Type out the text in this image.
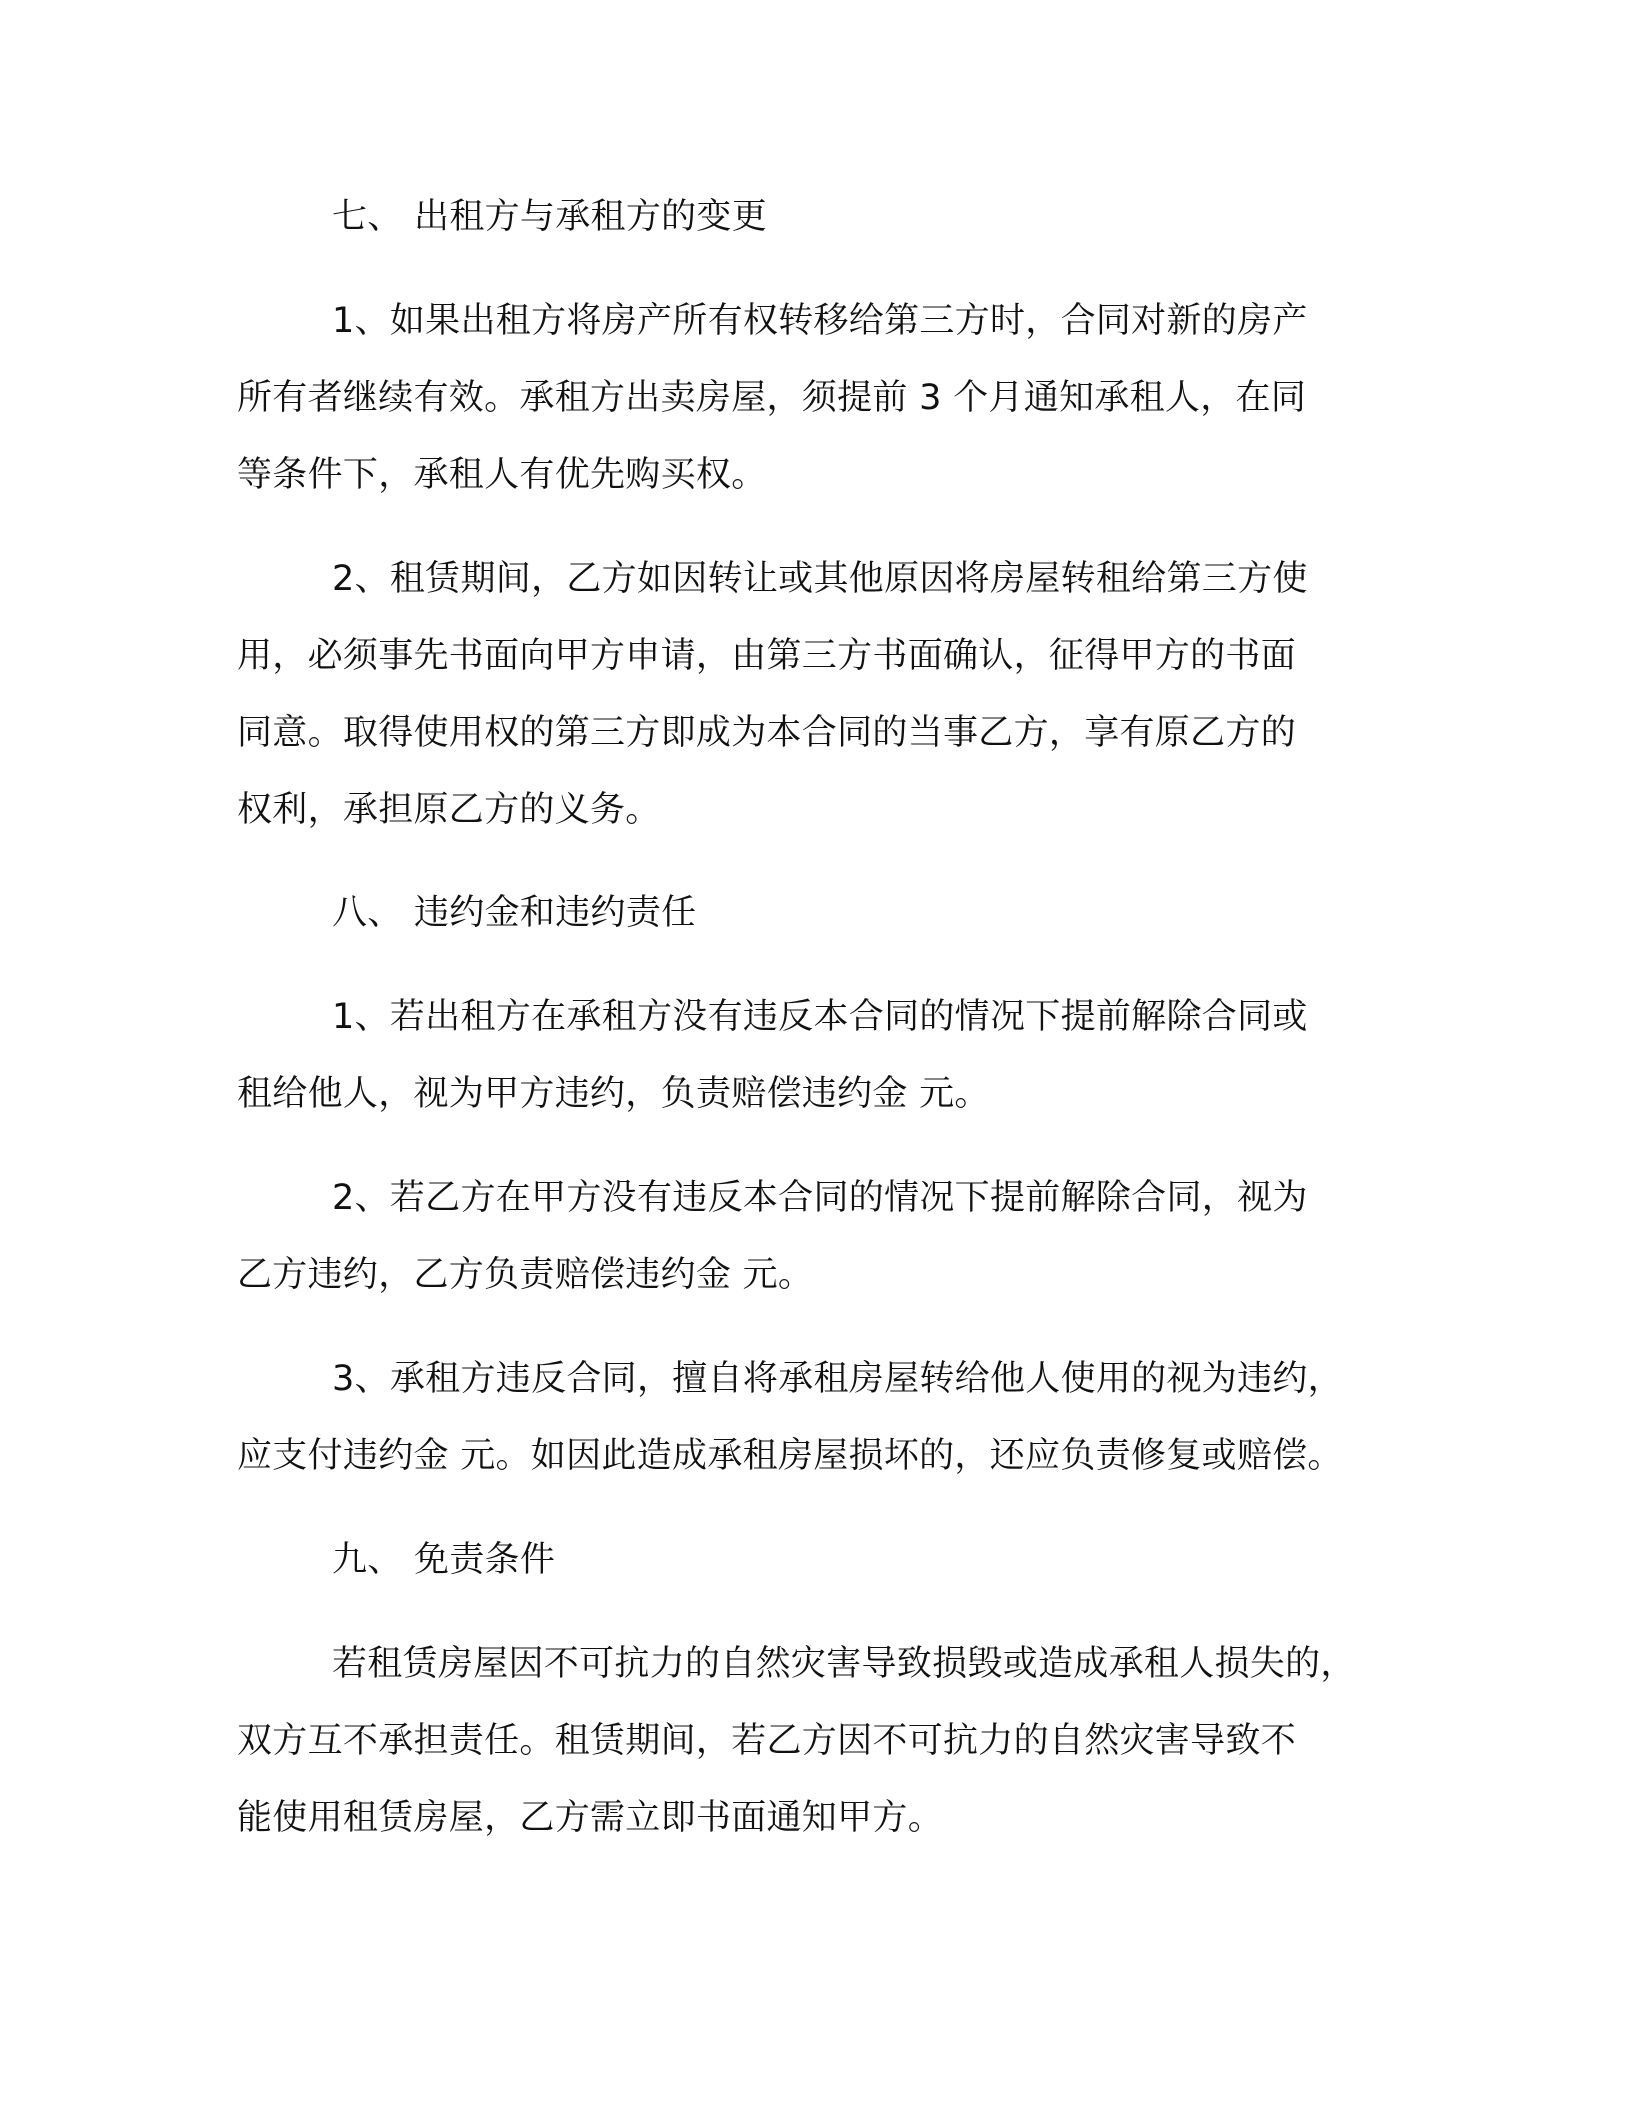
七、 出租方与承租方的变更

1、如果出租方将房产所有权转移给第三方时，合同对新的房产

所有者继续有效。承租方出卖房屋，须提前 3 个月通知承租人，在同

等条件下，承租人有优先购买权。

2、租赁期间，乙方如因转让或其他原因将房屋转租给第三方使

用，必须事先书面向甲方申请，由第三方书面确认，征得甲方的书面

同意。取得使用权的第三方即成为本合同的当事乙方，享有原乙方的

权利，承担原乙方的义务。

八、 违约金和违约责任

1、若出租方在承租方没有违反本合同的情况下提前解除合同或

租给他人，视为甲方违约，负责赔偿违约金 元。

2、若乙方在甲方没有违反本合同的情况下提前解除合同，视为

乙方违约，乙方负责赔偿违约金 元。

3、承租方违反合同，擅自将承租房屋转给他人使用的视为违约，

应支付违约金 元。如因此造成承租房屋损坏的，还应负责修复或赔偿。

九、 免责条件

若租赁房屋因不可抗力的自然灾害导致损毁或造成承租人损失的，

双方互不承担责任。租赁期间，若乙方因不可抗力的自然灾害导致不

能使用租赁房屋，乙方需立即书面通知甲方。
